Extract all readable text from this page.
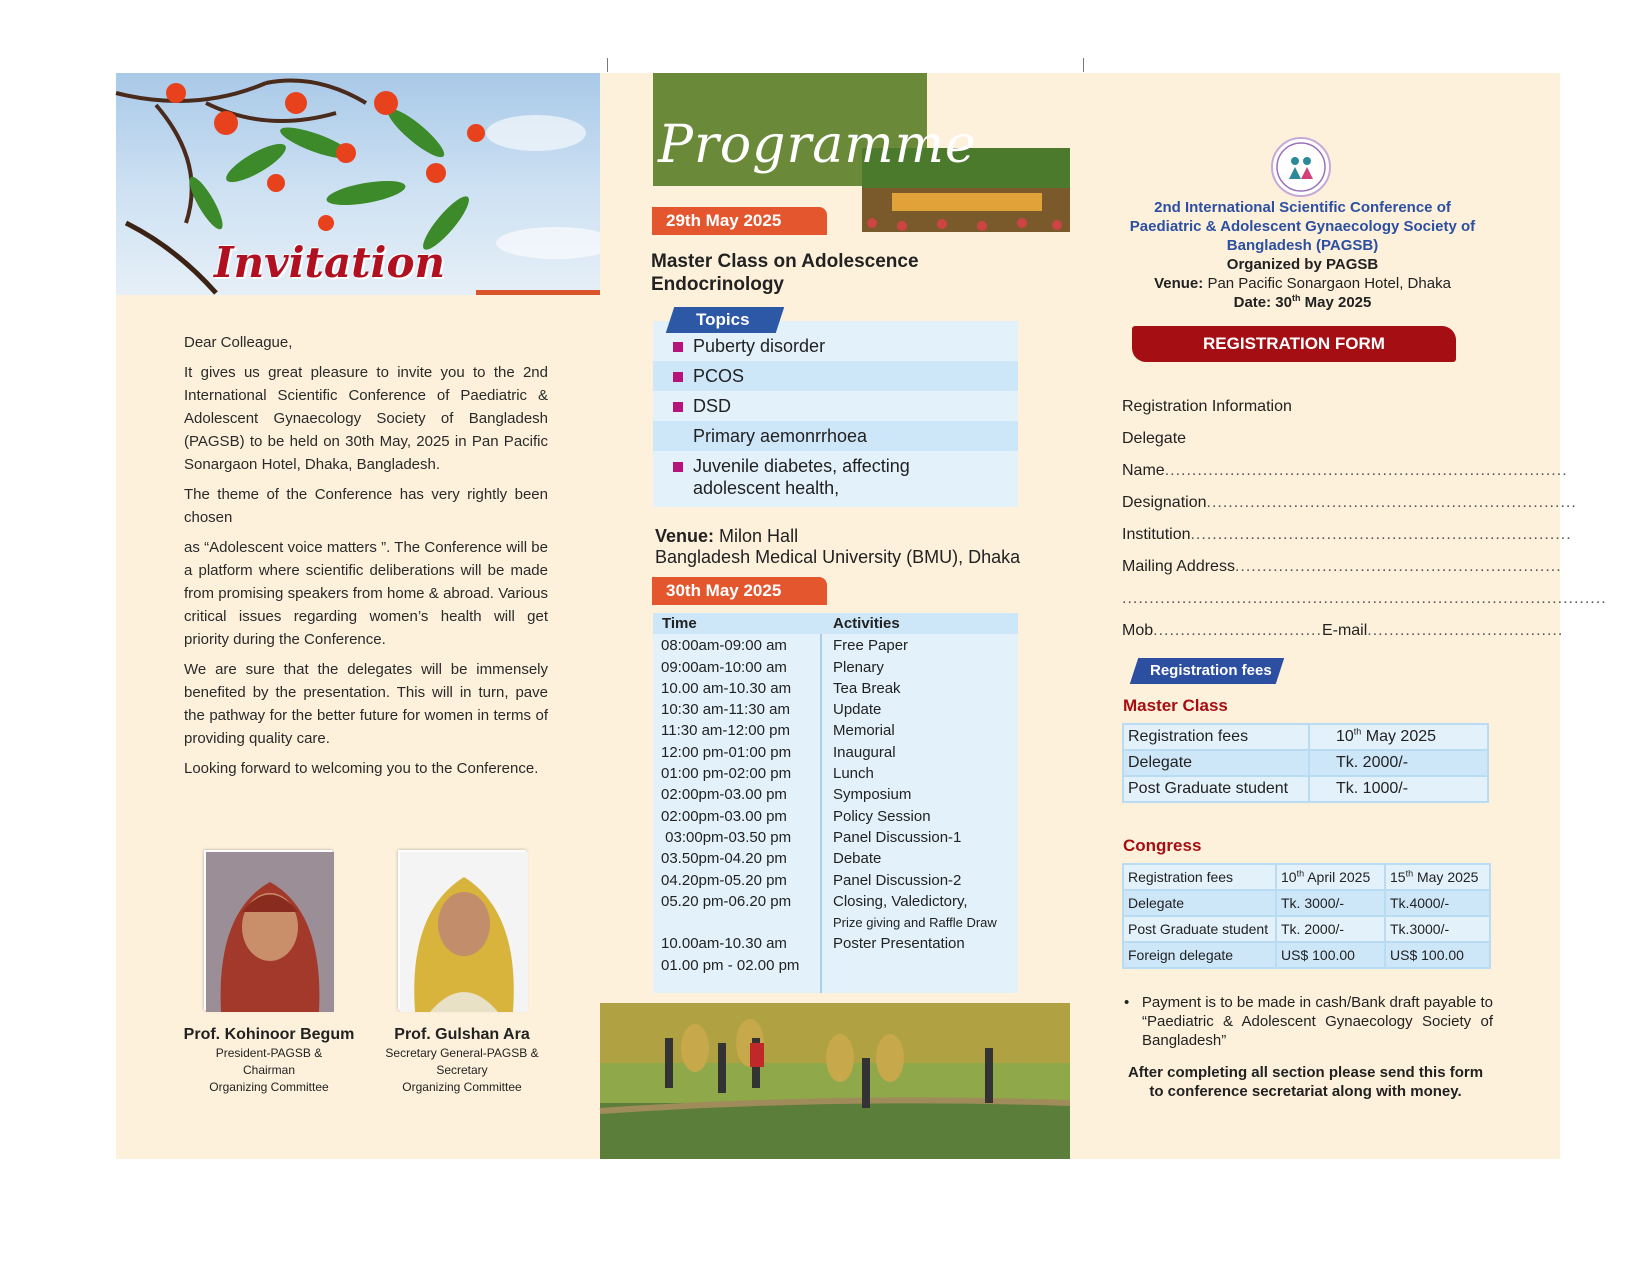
Invitation

Dear Colleague,

It gives us great pleasure to invite you to the 2nd International Scientific Conference of Paediatric & Adolescent Gynaecology Society of Bangladesh (PAGSB) to be held on 30th May, 2025 in Pan Pacific Sonargaon Hotel, Dhaka, Bangladesh.

The theme of the Conference has very rightly been chosen

as “Adolescent voice matters ”. The Conference will be a platform where scientific deliberations will be made from promising speakers from home & abroad. Various critical issues regarding women’s health will get priority during the Conference.

We are sure that the delegates will be immensely benefited by the presentation. This will in turn, pave the pathway for the better future for women in terms of providing quality care.

Looking forward to welcoming you to the Conference.

Prof. Kohinoor Begum
President-PAGSB &
Chairman
Organizing Committee
Prof. Gulshan Ara
Secretary General-PAGSB &
Secretary
Organizing Committee
Programme
29th May 2025
Master Class on Adolescence
Endocrinology
Puberty disorder
PCOS
DSD
Primary aemonrrhoea
Juvenile diabetes, affecting adolescent health,
Topics
Venue: Milon Hall
Bangladesh Medical University (BMU), Dhaka
30th May 2025
Time	Activities
08:00am-09:00 am	Free Paper
09:00am-10:00 am	Plenary
10.00 am-10.30 am	Tea Break
10:30 am-11:30 am	Update
11:30 am-12:00 pm	Memorial
12:00 pm-01:00 pm	Inaugural
01:00 pm-02:00 pm	Lunch
02:00pm-03.00 pm	Symposium
02:00pm-03.00 pm	Policy Session
03:00pm-03.50 pm	Panel Discussion-1
03.50pm-04.20 pm	Debate
04.20pm-05.20 pm	Panel Discussion-2
05.20 pm-06.20 pm	Closing, Valedictory,
Prize giving and Raffle Draw
10.00am-10.30 am	Poster Presentation
01.00 pm - 02.00 pm
2nd International Scientific Conference of
Paediatric & Adolescent Gynaecology Society of
Bangladesh (PAGSB)
Organized by PAGSB
Venue: Pan Pacific Sonargaon Hotel, Dhaka
Date: 30th May 2025
REGISTRATION FORM
Registration Information
Delegate
Name..........................................................................
Designation....................................................................
Institution......................................................................
Mailing Address............................................................
.........................................................................................
Mob...............................E-mail....................................
Registration fees
Master Class
Registration fees	10th May 2025
Delegate	Tk. 2000/-
Post Graduate student	Tk. 1000/-
Congress
Registration fees	10th April 2025	15th May 2025
Delegate	Tk. 3000/-	Tk.4000/-
Post Graduate student	Tk. 2000/-	Tk.3000/-
Foreign delegate	US$ 100.00	US$ 100.00
•   Payment is to be made in cash/Bank draft payable to “Paediatric & Adolescent Gynaecology Society of Bangladesh”
After completing all section please send this form
to conference secretariat along with money.
